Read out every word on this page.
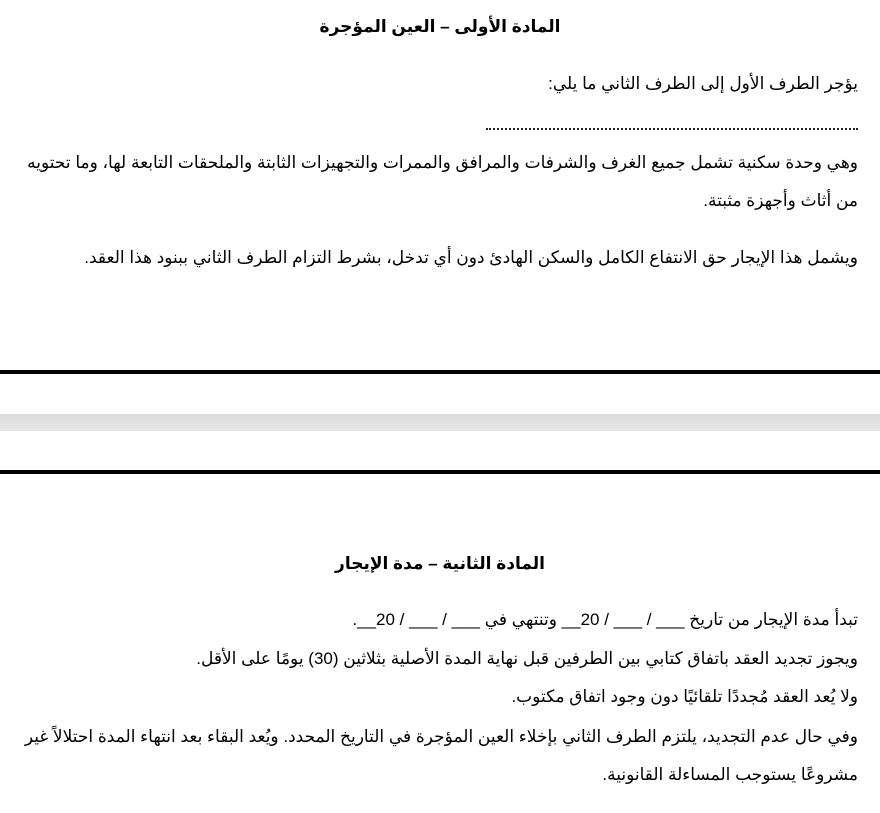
المادة الأولى – العين المؤجرة

يؤجر الطرف الأول إلى الطرف الثاني ما يلي:

وهي وحدة سكنية تشمل جميع الغرف والشرفات والمرافق والممرات والتجهيزات الثابتة والملحقات التابعة لها، وما تحتويه من أثاث وأجهزة مثبتة.

ويشمل هذا الإيجار حق الانتفاع الكامل والسكن الهادئ دون أي تدخل، بشرط التزام الطرف الثاني ببنود هذا العقد.

المادة الثانية – مدة الإيجار

تبدأ مدة الإيجار من تاريخ ___ / ___ / 20__ وتنتهي في ___ / ___ / 20__.

ويجوز تجديد العقد باتفاق كتابي بين الطرفين قبل نهاية المدة الأصلية بثلاثين (30) يومًا على الأقل.

ولا يُعد العقد مُجددًا تلقائيًا دون وجود اتفاق مكتوب.

وفي حال عدم التجديد، يلتزم الطرف الثاني بإخلاء العين المؤجرة في التاريخ المحدد. ويُعد البقاء بعد انتهاء المدة احتلالاً غير مشروعًا يستوجب المساءلة القانونية.
